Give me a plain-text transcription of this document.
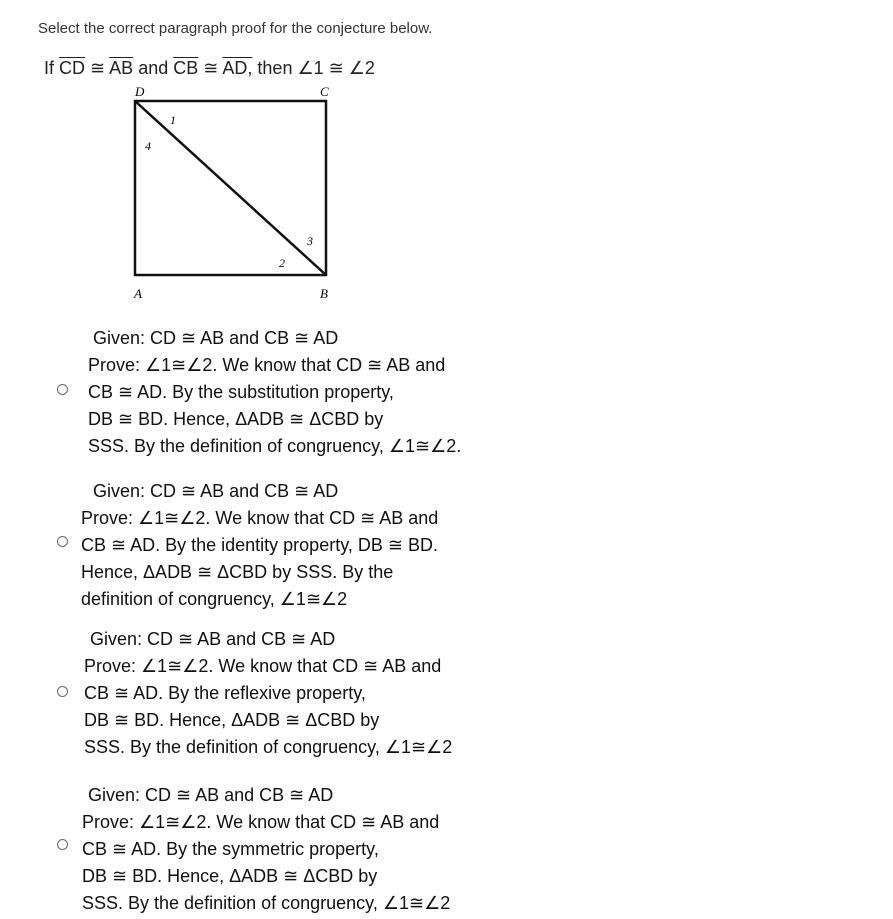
Select the correct paragraph proof for the conjecture below.
If $\overline{CD}$ ≅ $\overline{AB}$ and $\overline{CB}$ ≅ AD, then ∠1 ≅ ∠2
D	C
A	B
1
4
3
2
Given: CD ≅ AB and CB ≅ AD
Prove: ∠1≅∠2. We know that CD ≅ AB and
CB ≅ AD. By the substitution property,
DB ≅ BD. Hence, ΔADB ≅ ΔCBD by
SSS. By the definition of congruency, ∠1≅∠2.
Given: CD ≅ AB and CB ≅ AD
Prove: ∠1≅∠2. We know that CD ≅ AB and
CB ≅ AD. By the identity property, DB ≅ BD.
Hence, ΔADB ≅ ΔCBD by SSS. By the
definition of congruency, ∠1≅∠2
Given: CD ≅ AB and CB ≅ AD
Prove: ∠1≅∠2. We know that CD ≅ AB and
CB ≅ AD. By the reflexive property,
DB ≅ BD. Hence, ΔADB ≅ ΔCBD by
SSS. By the definition of congruency, ∠1≅∠2
Given: CD ≅ AB and CB ≅ AD
Prove: ∠1≅∠2. We know that CD ≅ AB and
CB ≅ AD. By the symmetric property,
DB ≅ BD. Hence, ΔADB ≅ ΔCBD by
SSS. By the definition of congruency, ∠1≅∠2
